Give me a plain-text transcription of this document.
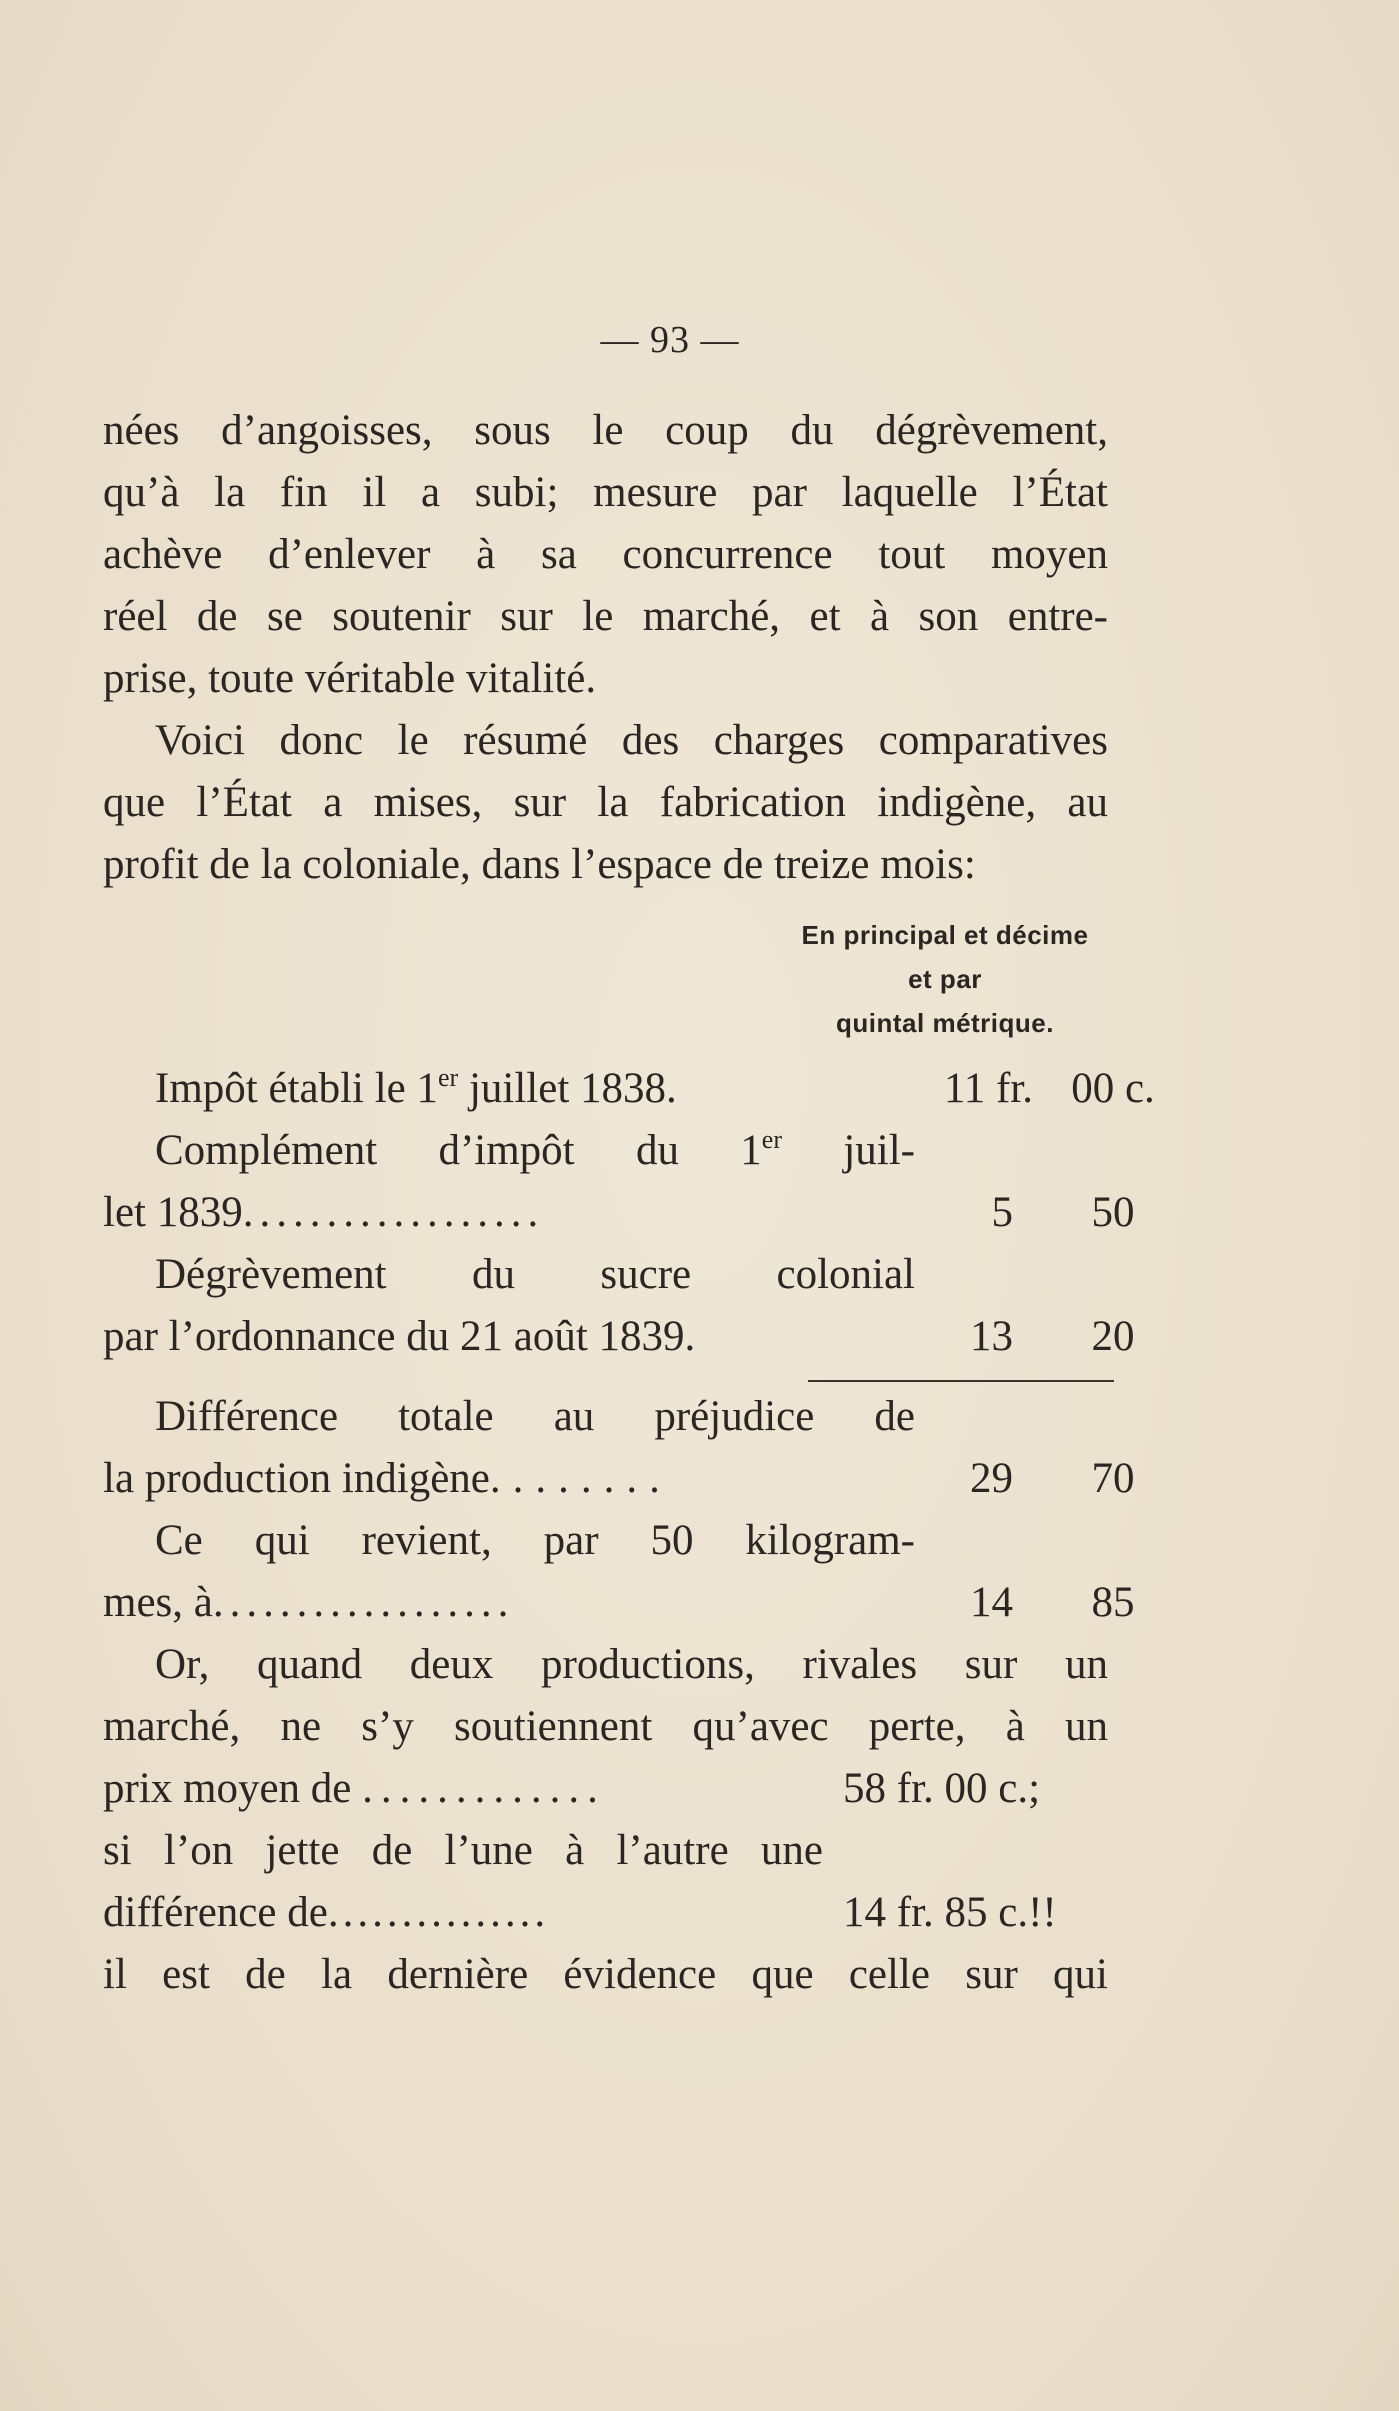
— 93 —
nées d’angoisses, sous le coup du dégrèvement,
qu’à la fin il a subi; mesure par laquelle l’État
achève d’enlever à sa concurrence tout moyen
réel de se soutenir sur le marché, et à son entre-
prise, toute véritable vitalité.
Voici donc le résumé des charges comparatives
que l’État a mises, sur la fabrication indigène, au
profit de la coloniale, dans l’espace de treize mois:
En principal et décime
et par
quintal métrique.
Impôt établi le 1er juillet 1838.	11 fr. 00 c.
Complément d’impôt du 1er juil-
let 1839..................	5	50
Dégrèvement du sucre colonial
par l’ordonnance du 21 août 1839.	13	20
Différence totale au préjudice de
la production indigène........	29	70
Ce qui revient, par 50 kilogram-
mes, à..................	14	85
Or, quand deux productions, rivales sur un
marché, ne s’y soutiennent qu’avec perte, à un
prix moyen de .............	58 fr. 00 c.;
si l’on jette de l’une à l’autre une
différence de...............	14 fr. 85 c.!!
il est de la dernière évidence que celle sur qui
